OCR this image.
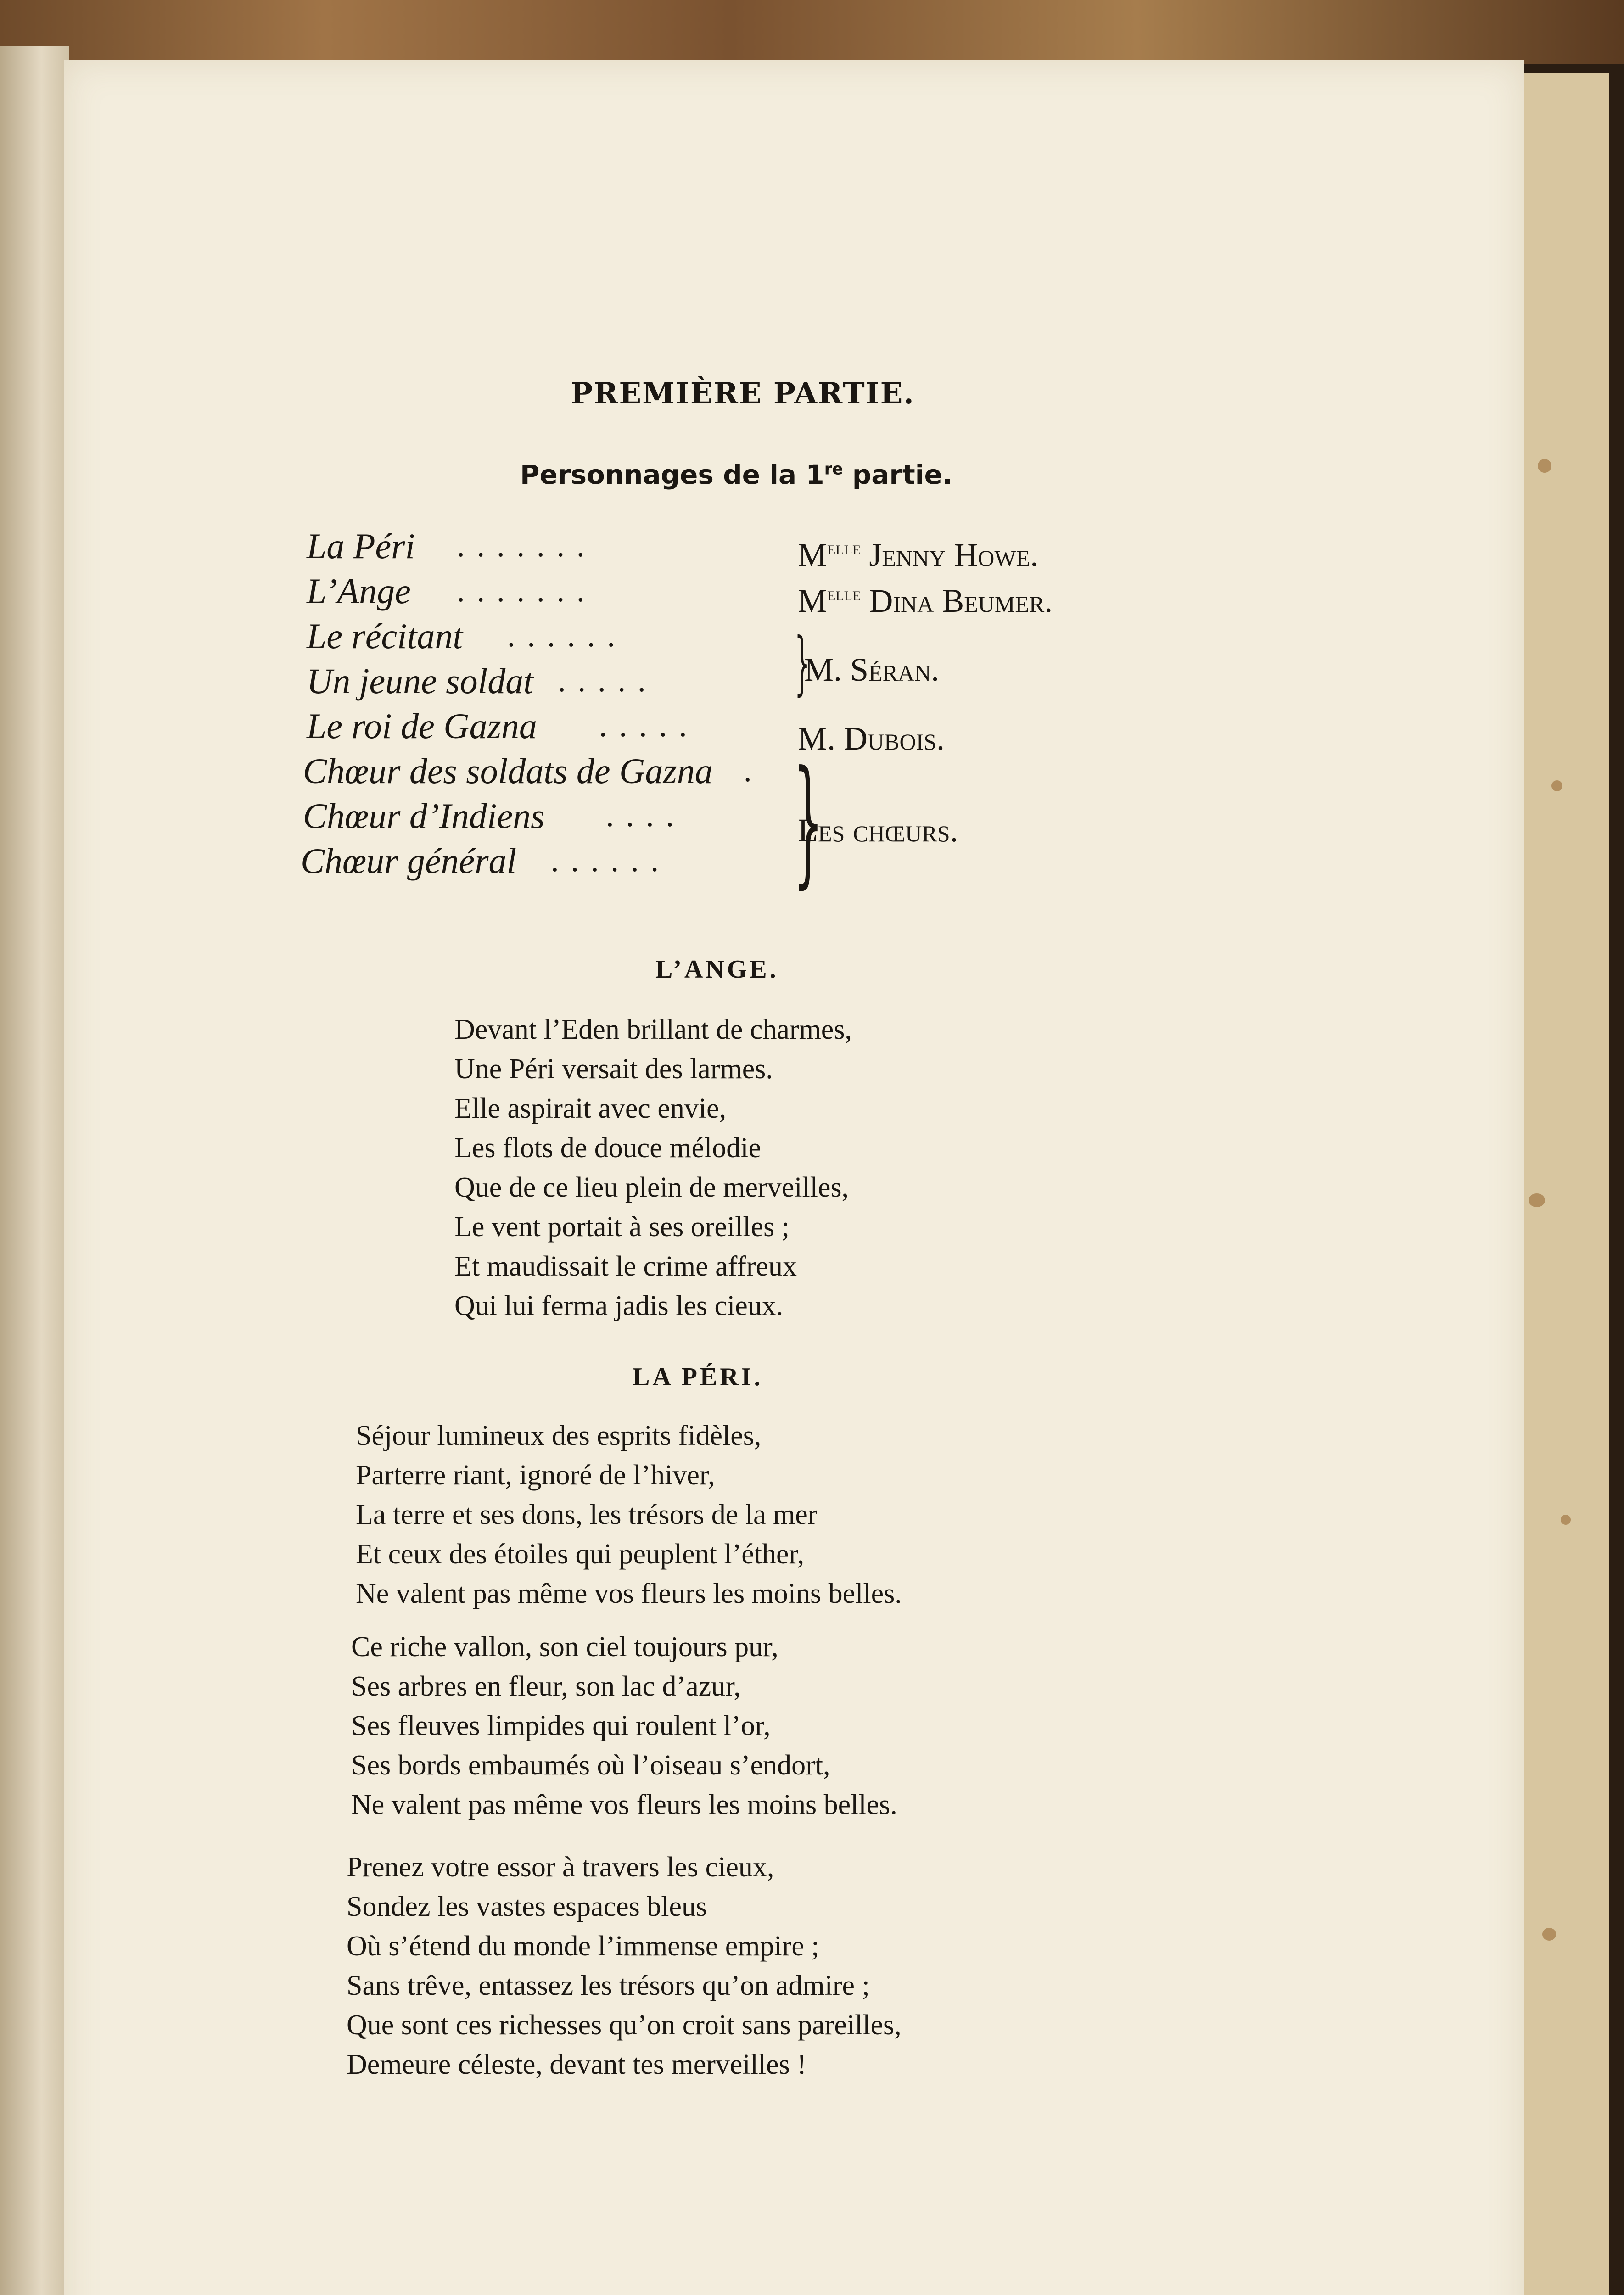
PREMIÈRE PARTIE.
Personnages de la 1re partie.
La Péri .......
L’Ange .......
Le récitant ......
Un jeune soldat .....
Le roi de Gazna .....
Chœur des soldats de Gazna .
Chœur d’Indiens ....
Chœur général ......
$M^{elle}$ Jenny Howe.
$M^{elle}$ Dina Beumer.
}
M. Séran.
M. Dubois.
}
Les chœurs.
L’ANGE.
Devant l’Eden brillant de charmes,
Une Péri versait des larmes.
Elle aspirait avec envie,
Les flots de douce mélodie
Que de ce lieu plein de merveilles,
Le vent portait à ses oreilles ;
Et maudissait le crime affreux
Qui lui ferma jadis les cieux.
LA PÉRI.
Séjour lumineux des esprits fidèles,
Parterre riant, ignoré de l’hiver,
La terre et ses dons, les trésors de la mer
Et ceux des étoiles qui peuplent l’éther,
Ne valent pas même vos fleurs les moins belles.
Ce riche vallon, son ciel toujours pur,
Ses arbres en fleur, son lac d’azur,
Ses fleuves limpides qui roulent l’or,
Ses bords embaumés où l’oiseau s’endort,
Ne valent pas même vos fleurs les moins belles.
Prenez votre essor à travers les cieux,
Sondez les vastes espaces bleus
Où s’étend du monde l’immense empire ;
Sans trêve, entassez les trésors qu’on admire ;
Que sont ces richesses qu’on croit sans pareilles,
Demeure céleste, devant tes merveilles !
